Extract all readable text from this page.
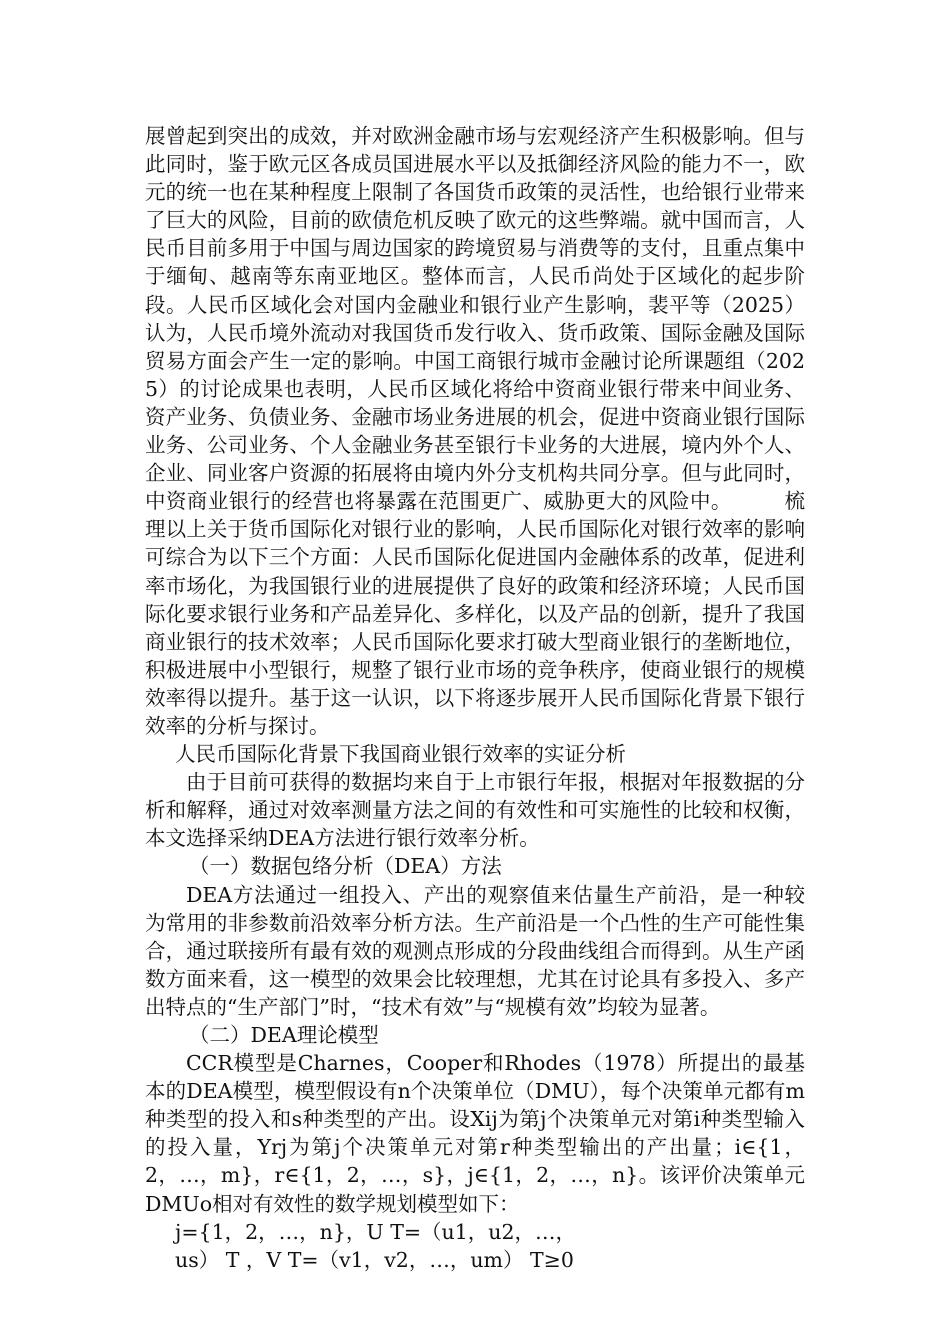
展曾起到突出的成效，并对欧洲金融市场与宏观经济产生积极影响。但与此同时，鉴于欧元区各成员国进展水平以及抵御经济风险的能力不一，欧元的统一也在某种程度上限制了各国货币政策的灵活性，也给银行业带来了巨大的风险，目前的欧债危机反映了欧元的这些弊端。就中国而言，人民币目前多用于中国与周边国家的跨境贸易与消费等的支付，且重点集中于缅甸、越南等东南亚地区。整体而言，人民币尚处于区域化的起步阶段。人民币区域化会对国内金融业和银行业产生影响，裴平等（2025）认为，人民币境外流动对我国货币发行收入、货币政策、国际金融及国际贸易方面会产生一定的影响。中国工商银行城市金融讨论所课题组（2025）的讨论成果也表明，人民币区域化将给中资商业银行带来中间业务、资产业务、负债业务、金融市场业务进展的机会，促进中资商业银行国际业务、公司业务、个人金融业务甚至银行卡业务的大进展，境内外个人、企业、同业客户资源的拓展将由境内外分支机构共同分享。但与此同时，中资商业银行的经营也将暴露在范围更广、威胁更大的风险中。　　　梳理以上关于货币国际化对银行业的影响，人民币国际化对银行效率的影响可综合为以下三个方面：人民币国际化促进国内金融体系的改革，促进利率市场化，为我国银行业的进展提供了良好的政策和经济环境；人民币国际化要求银行业务和产品差异化、多样化，以及产品的创新，提升了我国商业银行的技术效率；人民币国际化要求打破大型商业银行的垄断地位，积极进展中小型银行，规整了银行业市场的竞争秩序，使商业银行的规模效率得以提升。基于这一认识，以下将逐步展开人民币国际化背景下银行效率的分析与探讨。

人民币国际化背景下我国商业银行效率的实证分析

由于目前可获得的数据均来自于上市银行年报，根据对年报数据的分析和解释，通过对效率测量方法之间的有效性和可实施性的比较和权衡，本文选择采纳DEA方法进行银行效率分析。

（一）数据包络分析（DEA）方法

DEA方法通过一组投入、产出的观察值来估量生产前沿，是一种较为常用的非参数前沿效率分析方法。生产前沿是一个凸性的生产可能性集合，通过联接所有最有效的观测点形成的分段曲线组合而得到。从生产函数方面来看，这一模型的效果会比较理想，尤其在讨论具有多投入、多产出特点的“生产部门”时，“技术有效”与“规模有效”均较为显著。

（二）DEA理论模型

CCR模型是Charnes，Cooper和Rhodes（1978）所提出的最基本的DEA模型，模型假设有n个决策单位（DMU），每个决策单元都有m种类型的投入和s种类型的产出。设Xij为第j个决策单元对第i种类型输入的投入量，Yrj为第j个决策单元对第r种类型输出的产出量；i∈{1，2，…，m}，r∈{1，2，…，s}，j∈{1，2，…，n}。该评价决策单元DMUo相对有效性的数学规划模型如下：

j={1，2，…，n}，U T=（u1，u2，…，

us） T ，V T=（v1，v2，…，um） T≥0
